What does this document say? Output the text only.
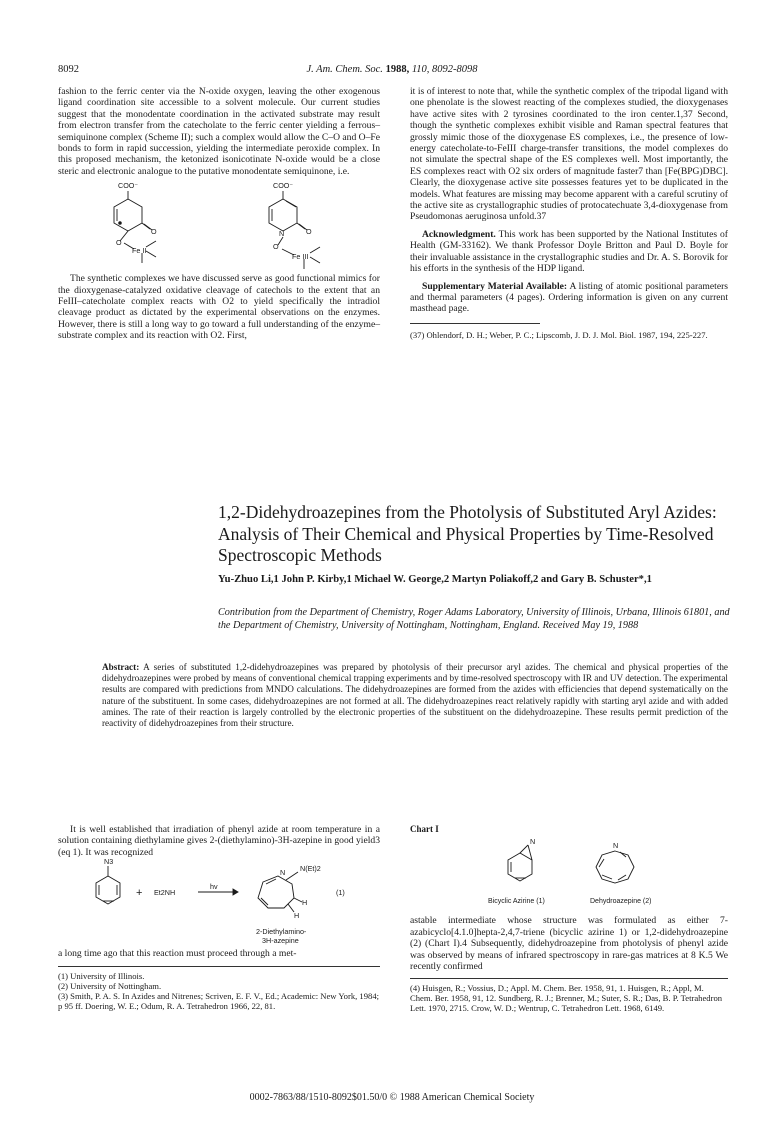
8092	J. Am. Chem. Soc. 1988, 110, 8092-8098

fashion to the ferric center via the N-oxide oxygen, leaving the other exogenous ligand coordination site accessible to a solvent molecule. Our current studies suggest that the monodentate coordination in the activated substrate may result from electron transfer from the catecholate to the ferric center yielding a ferrous–semiquinone complex (Scheme II); such a complex would allow the C–O and O–Fe bonds to form in rapid succession, yielding the intermediate peroxide complex. In this proposed mechanism, the ketonized isonicotinate N-oxide would be a close steric and electronic analogue to the putative monodentate semiquinone, i.e.

COO⁻
O
O
Fe II
COO⁻
N	O
O
Fe III

The synthetic complexes we have discussed serve as good functional mimics for the dioxygenase-catalyzed oxidative cleavage of catechols to the extent that an FeIII–catecholate complex reacts with O2 to yield specifically the intradiol cleavage product as dictated by the experimental observations on the enzymes. However, there is still a long way to go toward a full understanding of the enzyme–substrate complex and its reaction with O2. First,

it is of interest to note that, while the synthetic complex of the tripodal ligand with one phenolate is the slowest reacting of the complexes studied, the dioxygenases have active sites with 2 tyrosines coordinated to the iron center.1,37 Second, though the synthetic complexes exhibit visible and Raman spectral features that grossly mimic those of the dioxygenase ES complexes, i.e., the presence of low-energy catecholate-to-FeIII charge-transfer transitions, the model complexes do not simulate the spectral shape of the ES complexes well. Most importantly, the ES complexes react with O2 six orders of magnitude faster7 than [Fe(BPG)DBC]. Clearly, the dioxygenase active site possesses features yet to be duplicated in the models. What features are missing may become apparent with a careful scrutiny of the active site as crystallographic studies of protocatechuate 3,4-dioxygenase from Pseudomonas aeruginosa unfold.37

Acknowledgment. This work has been supported by the National Institutes of Health (GM-33162). We thank Professor Doyle Britton and Paul D. Boyle for their invaluable assistance in the crystallographic studies and Dr. A. S. Borovik for his efforts in the synthesis of the HDP ligand.

Supplementary Material Available: A listing of atomic positional parameters and thermal parameters (4 pages). Ordering information is given on any current masthead page.

(37) Ohlendorf, D. H.; Weber, P. C.; Lipscomb, J. D. J. Mol. Biol. 1987, 194, 225-227.

1,2-Didehydroazepines from the Photolysis of Substituted Aryl Azides: Analysis of Their Chemical and Physical Properties by Time-Resolved Spectroscopic Methods
Yu-Zhuo Li,1 John P. Kirby,1 Michael W. George,2 Martyn Poliakoff,2 and Gary B. Schuster*,1
Contribution from the Department of Chemistry, Roger Adams Laboratory, University of Illinois, Urbana, Illinois 61801, and the Department of Chemistry, University of Nottingham, Nottingham, England. Received May 19, 1988
Abstract: A series of substituted 1,2-didehydroazepines was prepared by photolysis of their precursor aryl azides. The chemical and physical properties of the didehydroazepines were probed by means of conventional chemical trapping experiments and by time-resolved spectroscopy with IR and UV detection. The experimental results are compared with predictions from MNDO calculations. The didehydroazepines are formed from the azides with efficiencies that depend systematically on the nature of the substituent. In some cases, didehydroazepines are not formed at all. The didehydroazepines react relatively rapidly with starting aryl azide and with added amines. The rate of their reaction is largely controlled by the electronic properties of the substituent on the didehydroazepine. These results permit prediction of the reactivity of didehydroazepines from their structure.

It is well established that irradiation of phenyl azide at room temperature in a solution containing diethylamine gives 2-(diethylamino)-3H-azepine in good yield3 (eq 1). It was recognized

N3
+ Et2NH
hv
N N(Et)2
H
H
(1)
2-Diethylamino-
3H-azepine

a long time ago that this reaction must proceed through a met-

(1) University of Illinois.

(2) University of Nottingham.

(3) Smith, P. A. S. In Azides and Nitrenes; Scriven, E. F. V., Ed.; Academic: New York, 1984; p 95 ff. Doering, W. E.; Odum, R. A. Tetrahedron 1966, 22, 81.

Chart I

N	N
Bicyclic Azirine (1)	Dehydroazepine (2)

astable intermediate whose structure was formulated as either 7-azabicyclo[4.1.0]hepta-2,4,7-triene (bicyclic azirine 1) or 1,2-didehydroazepine (2) (Chart I).4 Subsequently, didehydroazepine from photolysis of phenyl azide was observed by means of infrared spectroscopy in rare-gas matrices at 8 K.5 We recently confirmed

(4) Huisgen, R.; Vossius, D.; Appl. M. Chem. Ber. 1958, 91, 1. Huisgen, R.; Appl, M. Chem. Ber. 1958, 91, 12. Sundberg, R. J.; Brenner, M.; Suter, S. R.; Das, B. P. Tetrahedron Lett. 1970, 2715. Crow, W. D.; Wentrup, C. Tetrahedron Lett. 1968, 6149.

0002-7863/88/1510-8092$01.50/0 © 1988 American Chemical Society
